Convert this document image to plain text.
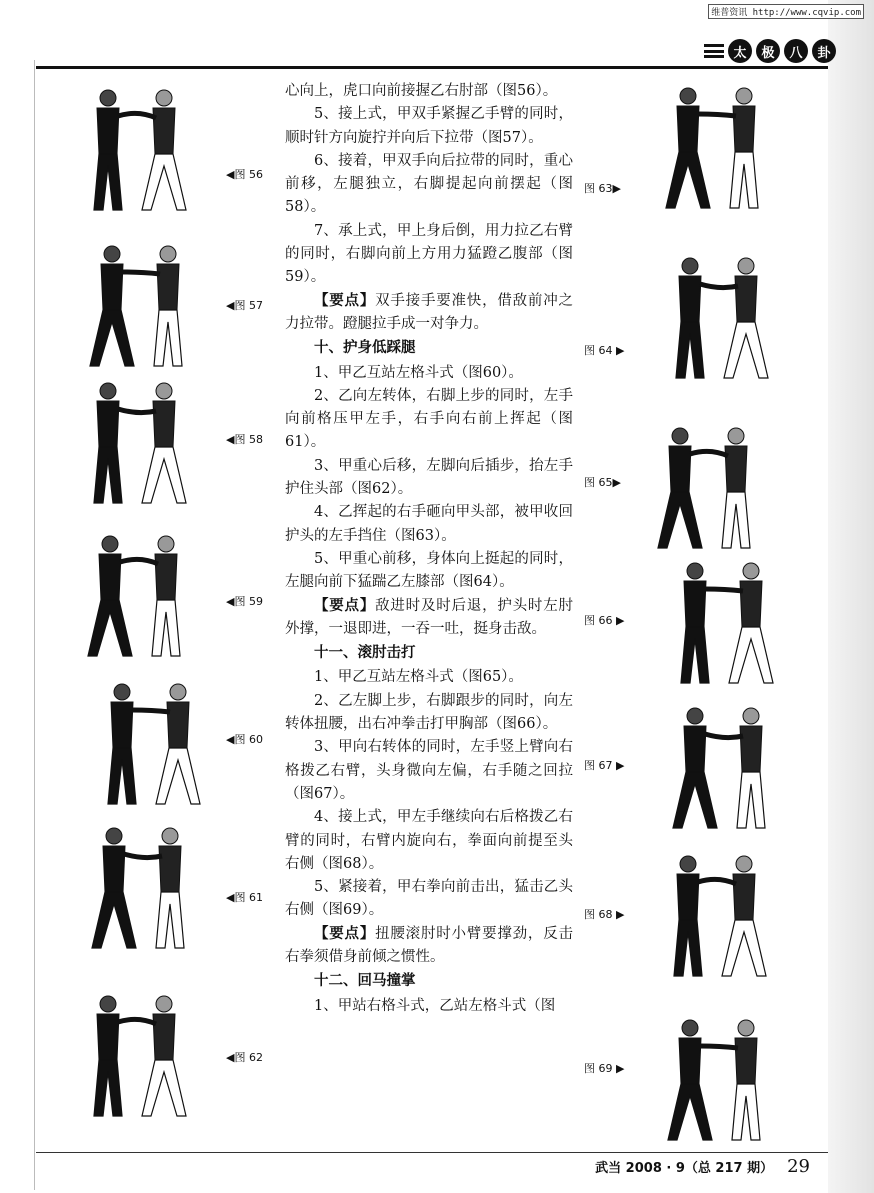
维普资讯 http://www.cqvip.com
太	极	八	卦

心向上，虎口向前接握乙右肘部（图56）。

5、接上式，甲双手紧握乙手臂的同时，顺时针方向旋拧并向后下拉带（图57）。

6、接着，甲双手向后拉带的同时，重心前移，左腿独立，右脚提起向前摆起（图58）。

7、承上式，甲上身后倒，用力拉乙右臂的同时，右脚向前上方用力猛蹬乙腹部（图59）。

【要点】双手接手要准快，借敌前冲之力拉带。蹬腿拉手成一对争力。

十、护身低踩腿

1、甲乙互站左格斗式（图60）。

2、乙向左转体，右脚上步的同时，左手向前格压甲左手，右手向右前上挥起（图61）。

3、甲重心后移，左脚向后插步，抬左手护住头部（图62）。

4、乙挥起的右手砸向甲头部，被甲收回护头的左手挡住（图63）。

5、甲重心前移，身体向上挺起的同时，左腿向前下猛踹乙左膝部（图64）。

【要点】敌进时及时后退，护头时左肘外撑，一退即进，一吞一吐，挺身击敌。

十一、滚肘击打

1、甲乙互站左格斗式（图65）。

2、乙左脚上步，右脚跟步的同时，向左转体扭腰，出右冲拳击打甲胸部（图66）。

3、甲向右转体的同时，左手竖上臂向右格拨乙右臂，头身微向左偏，右手随之回拉（图67）。

4、接上式，甲左手继续向右后格拨乙右臂的同时，右臂内旋向右，拳面向前提至头右侧（图68）。

5、紧接着，甲右拳向前击出，猛击乙头右侧（图69）。

【要点】扭腰滚肘时小臂要撑劲，反击右拳须借身前倾之惯性。

十二、回马撞掌

1、甲站右格斗式，乙站左格斗式（图

◀图 56
◀图 57
◀图 58
◀图 59
◀图 60
◀图 61
◀图 62
图 63▶
图 64 ▶
图 65▶
图 66 ▶
图 67 ▶
图 68 ▶
图 69 ▶
武当 2008 · 9（总 217 期） 29
